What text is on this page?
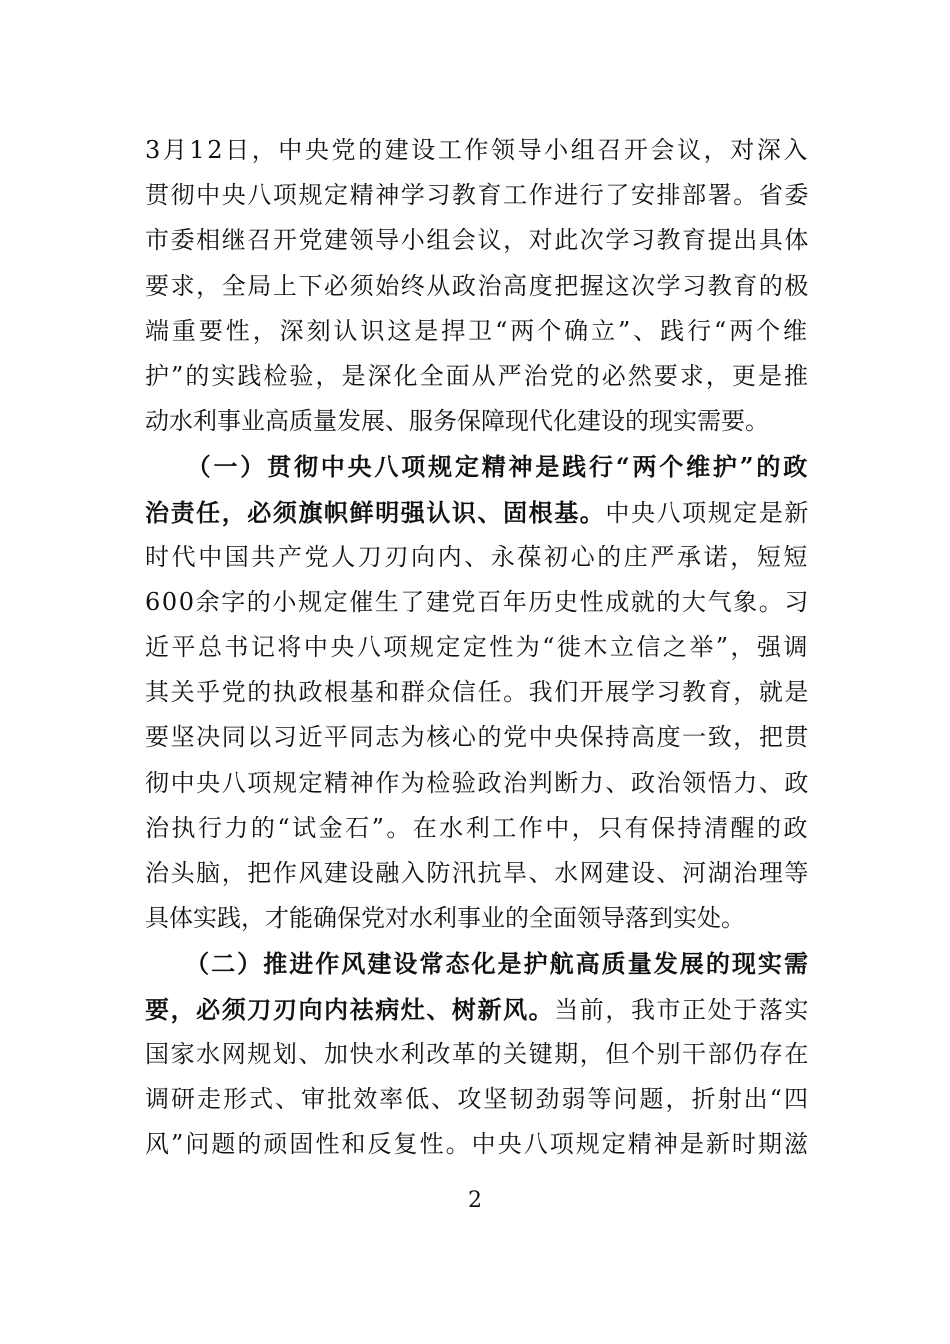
3月12日，中央党的建设工作领导小组召开会议，对深入
贯彻中央八项规定精神学习教育工作进行了安排部署。省委
市委相继召开党建领导小组会议，对此次学习教育提出具体
要求，全局上下必须始终从政治高度把握这次学习教育的极
端重要性，深刻认识这是捍卫“两个确立”、践行“两个维
护”的实践检验，是深化全面从严治党的必然要求，更是推
动水利事业高质量发展、服务保障现代化建设的现实需要。
　　（一）贯彻中央八项规定精神是践行“两个维护”的政
治责任，必须旗帜鲜明强认识、固根基。中央八项规定是新
时代中国共产党人刀刃向内、永葆初心的庄严承诺，短短
600余字的小规定催生了建党百年历史性成就的大气象。习
近平总书记将中央八项规定定性为“徙木立信之举”，强调
其关乎党的执政根基和群众信任。我们开展学习教育，就是
要坚决同以习近平同志为核心的党中央保持高度一致，把贯
彻中央八项规定精神作为检验政治判断力、政治领悟力、政
治执行力的“试金石”。在水利工作中，只有保持清醒的政
治头脑，把作风建设融入防汛抗旱、水网建设、河湖治理等
具体实践，才能确保党对水利事业的全面领导落到实处。
　　（二）推进作风建设常态化是护航高质量发展的现实需
要，必须刀刃向内祛病灶、树新风。当前，我市正处于落实
国家水网规划、加快水利改革的关键期，但个别干部仍存在
调研走形式、审批效率低、攻坚韧劲弱等问题，折射出“四
风”问题的顽固性和反复性。中央八项规定精神是新时期滋
2
